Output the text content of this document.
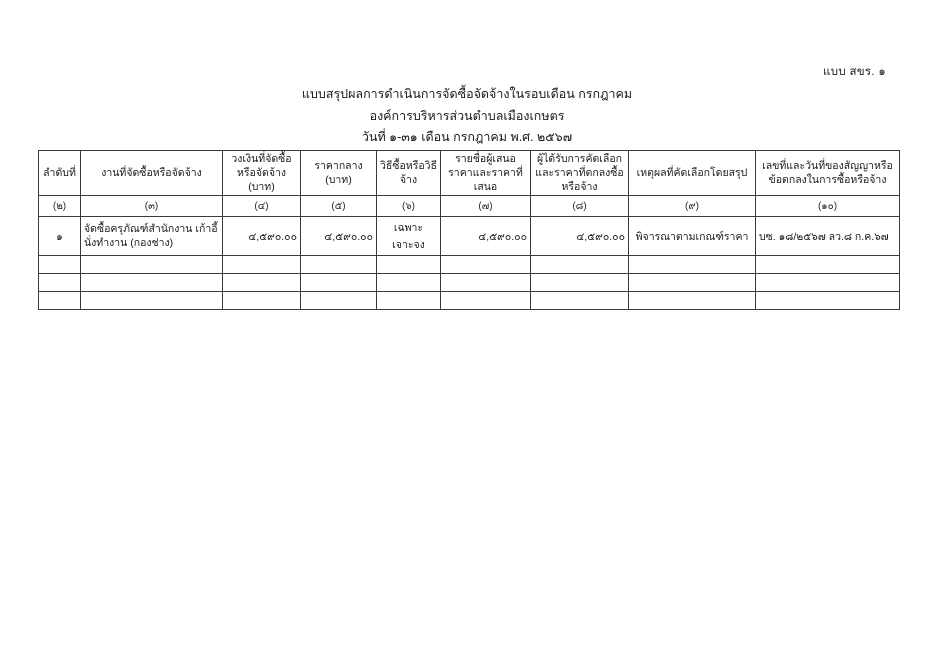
แบบ สขร. ๑
แบบสรุปผลการดำเนินการจัดซื้อจัดจ้างในรอบเดือน กรกฎาคม
องค์การบริหารส่วนตำบลเมืองเกษตร
วันที่ ๑-๓๑ เดือน กรกฎาคม พ.ศ. ๒๕๖๗
ลำดับที่	งานที่จัดซื้อหรือจัดจ้าง	วงเงินที่จัดซื้อหรือจัดจ้าง (บาท)	ราคากลาง (บาท)	วิธีซื้อหรือวิธีจ้าง	รายชื่อผู้เสนอราคาและราคาที่เสนอ	ผู้ได้รับการคัดเลือกและราคาที่ตกลงซื้อหรือจ้าง	เหตุผลที่คัดเลือกโดยสรุป	เลขที่และวันที่ของสัญญาหรือข้อตกลงในการซื้อหรือจ้าง
(๒)	(๓)	(๔)	(๕)	(๖)	(๗)	(๘)	(๙)	(๑๐)
๑	จัดซื้อครุภัณฑ์สำนักงาน เก้าอี้นั่งทำงาน (กองช่าง)	๔,๕๙๐.๐๐	๔,๕๙๐.๐๐	เฉพาะเจาะจง	๔,๕๙๐.๐๐	๔,๕๙๐.๐๐	พิจารณาตามเกณฑ์ราคา	บซ. ๑๘/๒๕๖๗ ลว.๘ ก.ค.๖๗
